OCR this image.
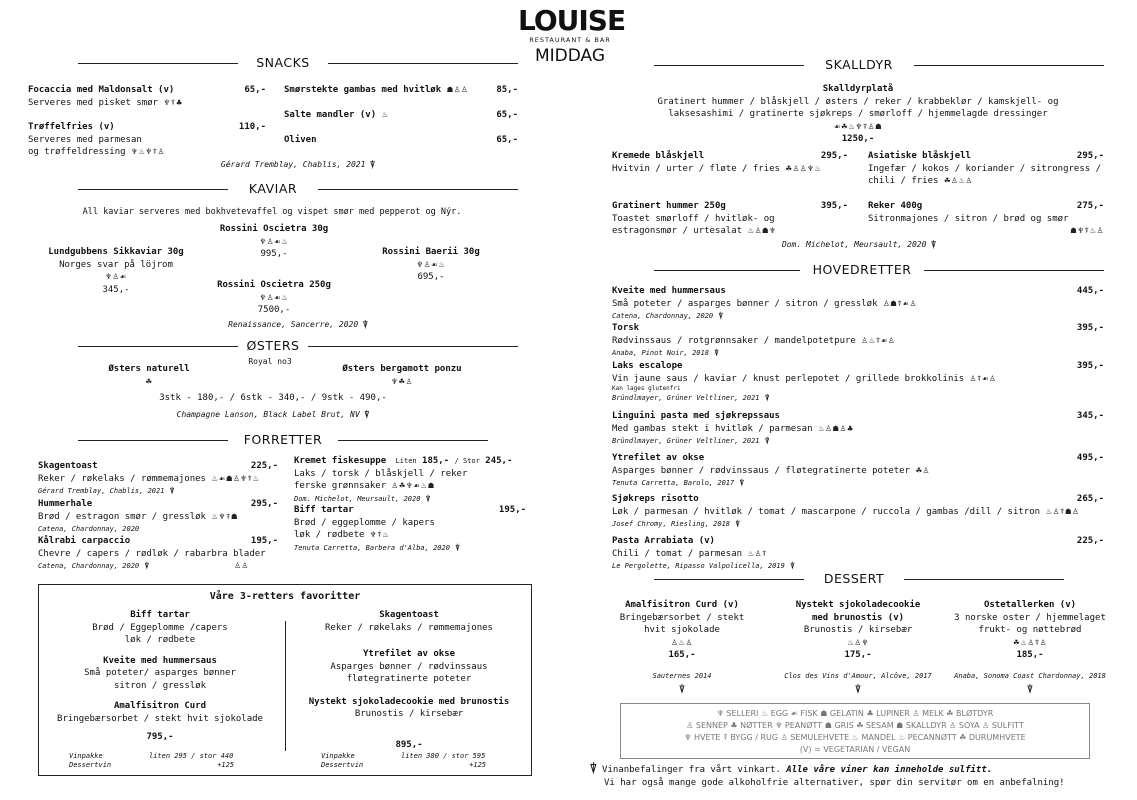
LOUISE
RESTAURANT & BAR
MIDDAG
SNACKS
Focaccia med Maldonsalt (v)	65,-

Serveres med pisket smør ♆⍒♣
Trøffelfries (v)	110,-

Serveres med parmesan
og trøffeldressing ♆♨♆⍒♙
Smørstekte gambas med hvitløk ☗♙♙	85,-
Salte mandler (v) ♨	65,-
Oliven	65,-
Gérard Tremblay, Chablis, 2021 ⍒
KAVIAR
All kaviar serveres med bokhvetevaffel og vispet smør med pepperot og Nýr.
Rossini Oscietra 30g
♆♙☙♨
995,-
Lundgubbens Sikkaviar 30g
Norges svar på löjrom
♆♙☙
345,-
Rossini Baerii 30g
♆♙☙♨
695,-
Rossini Oscietra 250g
♆♙☙♨
7500,-
Renaissance, Sancerre, 2020 ⍒
ØSTERS
Royal no3
Østers naturell
☘
Østers bergamott ponzu
♆☘♙
3stk - 180,- / 6stk - 340,- / 9stk - 490,-
Champagne Lanson, Black Label Brut, NV ⍒
FORRETTER
Skagentoast	225,-

Reker / røkelaks / rømmemajones ♨☙☗♙♆⍒♨
Gérard Tremblay, Chablis, 2021 ⍒
Hummerhale	295,-

Brød / estragon smør / gressløk ♨♆⍒☗
Catena, Chardonnay, 2020
Kålrabi carpaccio	195,-

Chevre / capers / rødløk / rabarbra blader
Catena, Chardonnay, 2020 ⍒	♙♙
Kremet fiskesuppe Liten 185,- / Stor 245,-
Laks / torsk / blåskjell / reker
ferske grønnsaker ♙☘♆☙♨☗
Dom. Michelot, Meursault, 2020 ⍒
Biff tartar	195,-

Brød / eggeplomme / kapers
løk / rødbete ♆⍒♨
Tenuta Carretta, Barbera d'Alba, 2020 ⍒
Våre 3-retters favoritter
Biff tartar
Brød / Eggeplomme /capers
løk / rødbete
Kveite med hummersaus
Små poteter/ asparges bønner
sitron / gressløk
Amalfisitron Curd
Bringebærsorbet / stekt hvit sjokolade
795,-
Vinpakke	liten 295 / stor 440
Dessertvin	+125
Skagentoast
Reker / røkelaks / rømmemajones
Ytrefilet av okse
Asparges bønner / rødvinssaus
fløtegratinerte poteter
Nystekt sjokoladecookie med brunostis
Brunostis / kirsebær
895,-
Vinpakke	liten 380 / stor 595
Dessertvin	+125
SKALLDYR
Skalldyrplatå
Gratinert hummer / blåskjell / østers / reker / krabbeklør / kamskjell- og
laksesashimi / gratinerte sjøkreps / smørloff / hjemmelagde dressinger
☙☘♨♆⍒♙☗
1250,-
Kremede blåskjell	295,-

Hvitvin / urter / fløte / fries ☘♙♙♆♨
Asiatiske blåskjell	295,-

Ingefær / kokos / koriander / sitrongress /
chili / fries ☘♙♨♙
Gratinert hummer 250g	395,-

Toastet smørloff / hvitløk- og
estragonsmør / urtesalat ♨♙☗♆
Reker 400g	275,-

Sitronmajones / sitron / brød og smør

☗♆⍒♨♙
Dom. Michelot, Meursault, 2020 ⍒
HOVEDRETTER
Kveite med hummersaus	445,-

Små poteter / asparges bønner / sitron / gressløk ♙☗⍒☙♙
Catena, Chardonnay, 2020 ⍒
Torsk	395,-

Rødvinssaus / rotgrønnsaker / mandelpotetpure ♙♨⍒☙♙
Anaba, Pinot Noir, 2018 ⍒
Laks escalope	395,-

Vin jaune saus / kaviar / knust perlepotet / grillede brokkolinis ♙⍒☙♙
Kan lages glutenfri
Bründlmayer, Grüner Veltliner, 2021 ⍒
Linguini pasta med sjøkrepssaus	345,-

Med gambas stekt i hvitløk / parmesan ♨♙☗♙♣
Bründlmayer, Grüner Veltliner, 2021 ⍒
Ytrefilet av okse	495,-

Asparges bønner / rødvinssaus / fløtegratinerte poteter ☘♙
Tenuta Carretta, Barolo, 2017 ⍒
Sjøkreps risotto	265,-

Løk / parmesan / hvitløk / tomat / mascarpone / ruccola / gambas /dill / sitron ♨♙⍒☗♙
Josef Chromy, Riesling, 2018 ⍒
Pasta Arrabiata (v)	225,-

Chili / tomat / parmesan ♨♙⍒
Le Pergolette, Ripasso Valpolicella, 2019 ⍒
DESSERT
Amalfisitron Curd (v)
Bringebærsorbet / stekt
hvit sjokolade
♙♨♙
165,-
Sauternes 2014
⍒
Nystekt sjokoladecookie
med brunostis (v)
Brunostis / kirsebær
♨♙♆
175,-
Clos des Vins d'Amour, Alcôve, 2017
⍒
Ostetallerken (v)
3 norske oster / hjemmelaget
frukt- og nøttebrød
☘♨♙⍒♙
185,-
Anaba, Sonoma Coast Chardonnay, 2018
⍒
♆ SELLERI ♨ EGG ☙ FISK ☗ GELATIN ♣ LUPINER ♙ MELK ☘ BLØTDYR
♙ SENNEP ♣ NØTTER ♆ PEANØTT ☗ GRIS ☘ SESAM ☗ SKALLDYR ♙ SOYA ♙ SULFITT
♆ HVETE ⍒ BYGG / RUG ♙ SEMULEHVETE ♨ MANDEL ♨ PECANNØTT ☘ DURUMHVETE
(V) = VEGETARIAN / VEGAN
⍒ Vinanbefalinger fra vårt vinkart. Alle våre viner kan inneholde sulfitt.
Vi har også mange gode alkoholfrie alternativer, spør din servitør om en anbefalning!
